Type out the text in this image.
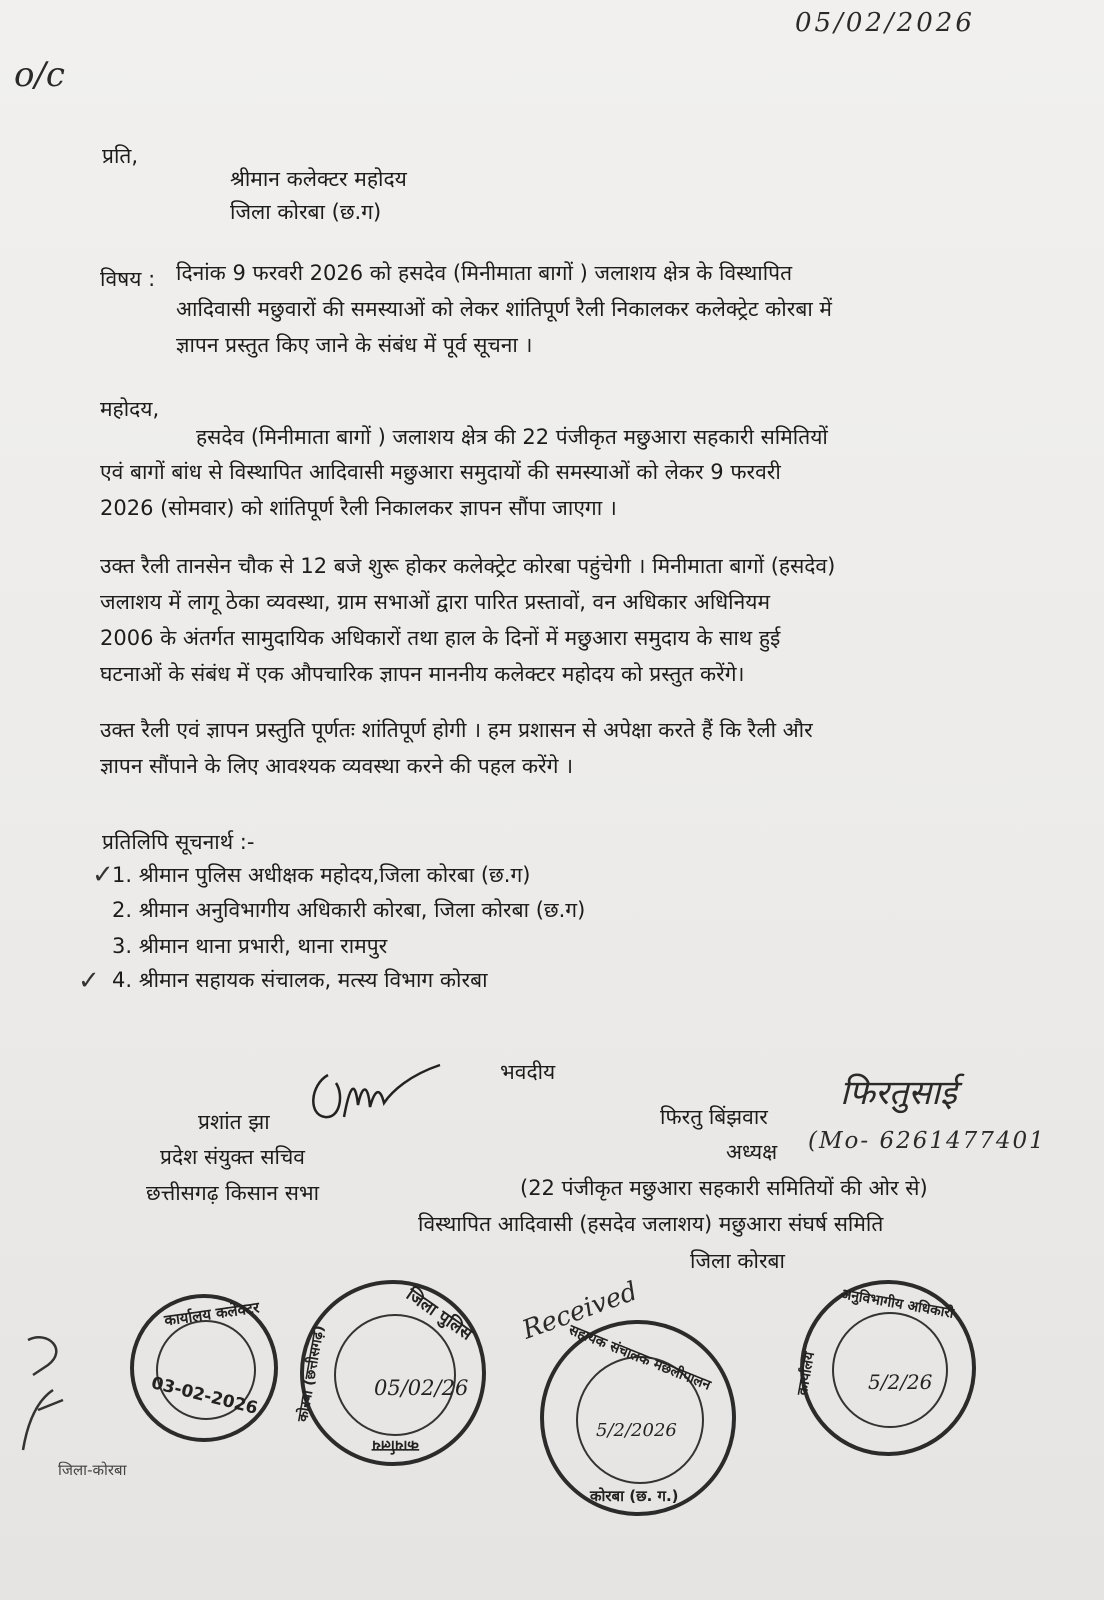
05/02/2026
o/c
प्रति,
श्रीमान कलेक्टर महोदय
जिला कोरबा (छ.ग)
विषय : दिनांक 9 फरवरी 2026 को हसदेव (मिनीमाता बागों ) जलाशय क्षेत्र के विस्थापित
आदिवासी मछुवारों की समस्याओं को लेकर शांतिपूर्ण रैली निकालकर कलेक्ट्रेट कोरबा में
ज्ञापन प्रस्तुत किए जाने के संबंध में पूर्व सूचना ।
महोदय,
हसदेव (मिनीमाता बागों ) जलाशय क्षेत्र की 22 पंजीकृत मछुआरा सहकारी समितियों
एवं बागों बांध से विस्थापित आदिवासी मछुआरा समुदायों की समस्याओं को लेकर 9 फरवरी
2026 (सोमवार) को शांतिपूर्ण रैली निकालकर ज्ञापन सौंपा जाएगा ।
उक्त रैली तानसेन चौक से 12 बजे शुरू होकर कलेक्ट्रेट कोरबा पहुंचेगी । मिनीमाता बागों (हसदेव)
जलाशय में लागू ठेका व्यवस्था, ग्राम सभाओं द्वारा पारित प्रस्तावों, वन अधिकार अधिनियम
2006 के अंतर्गत सामुदायिक अधिकारों तथा हाल के दिनों में मछुआरा समुदाय के साथ हुई
घटनाओं के संबंध में एक औपचारिक ज्ञापन माननीय कलेक्टर महोदय को प्रस्तुत करेंगे।
उक्त रैली एवं ज्ञापन प्रस्तुति पूर्णतः शांतिपूर्ण होगी । हम प्रशासन से अपेक्षा करते हैं कि रैली और
ज्ञापन सौंपाने के लिए आवश्यक व्यवस्था करने की पहल करेंगे ।
प्रतिलिपि सूचनार्थ :-
1. श्रीमान पुलिस अधीक्षक महोदय,जिला कोरबा (छ.ग)
2. श्रीमान अनुविभागीय अधिकारी कोरबा, जिला कोरबा (छ.ग)
3. श्रीमान थाना प्रभारी, थाना रामपुर
4. श्रीमान सहायक संचालक, मत्स्य विभाग कोरबा
✓
✓
भवदीय
प्रशांत झा
प्रदेश संयुक्त सचिव
छत्तीसगढ़ किसान सभा
फिरतु बिंझवार
फिरतुसाई
अध्यक्ष (Mo- 6261477401
(22 पंजीकृत मछुआरा सहकारी समितियों की ओर से)
विस्थापित आदिवासी (हसदेव जलाशय) मछुआरा संघर्ष समिति
जिला कोरबा
कार्यालय कलेक्टर
03-02-2026
जिला-कोरबा
जिला पुलिस
कोरबा (छत्तीसगढ़)
कार्यालय
05/02/26	सहायक संचालक मछलीपालन
कोरबा (छ. ग.)
5/2/2026
Received	अनुविभागीय अधिकारी
कार्यालय 5/2/26
